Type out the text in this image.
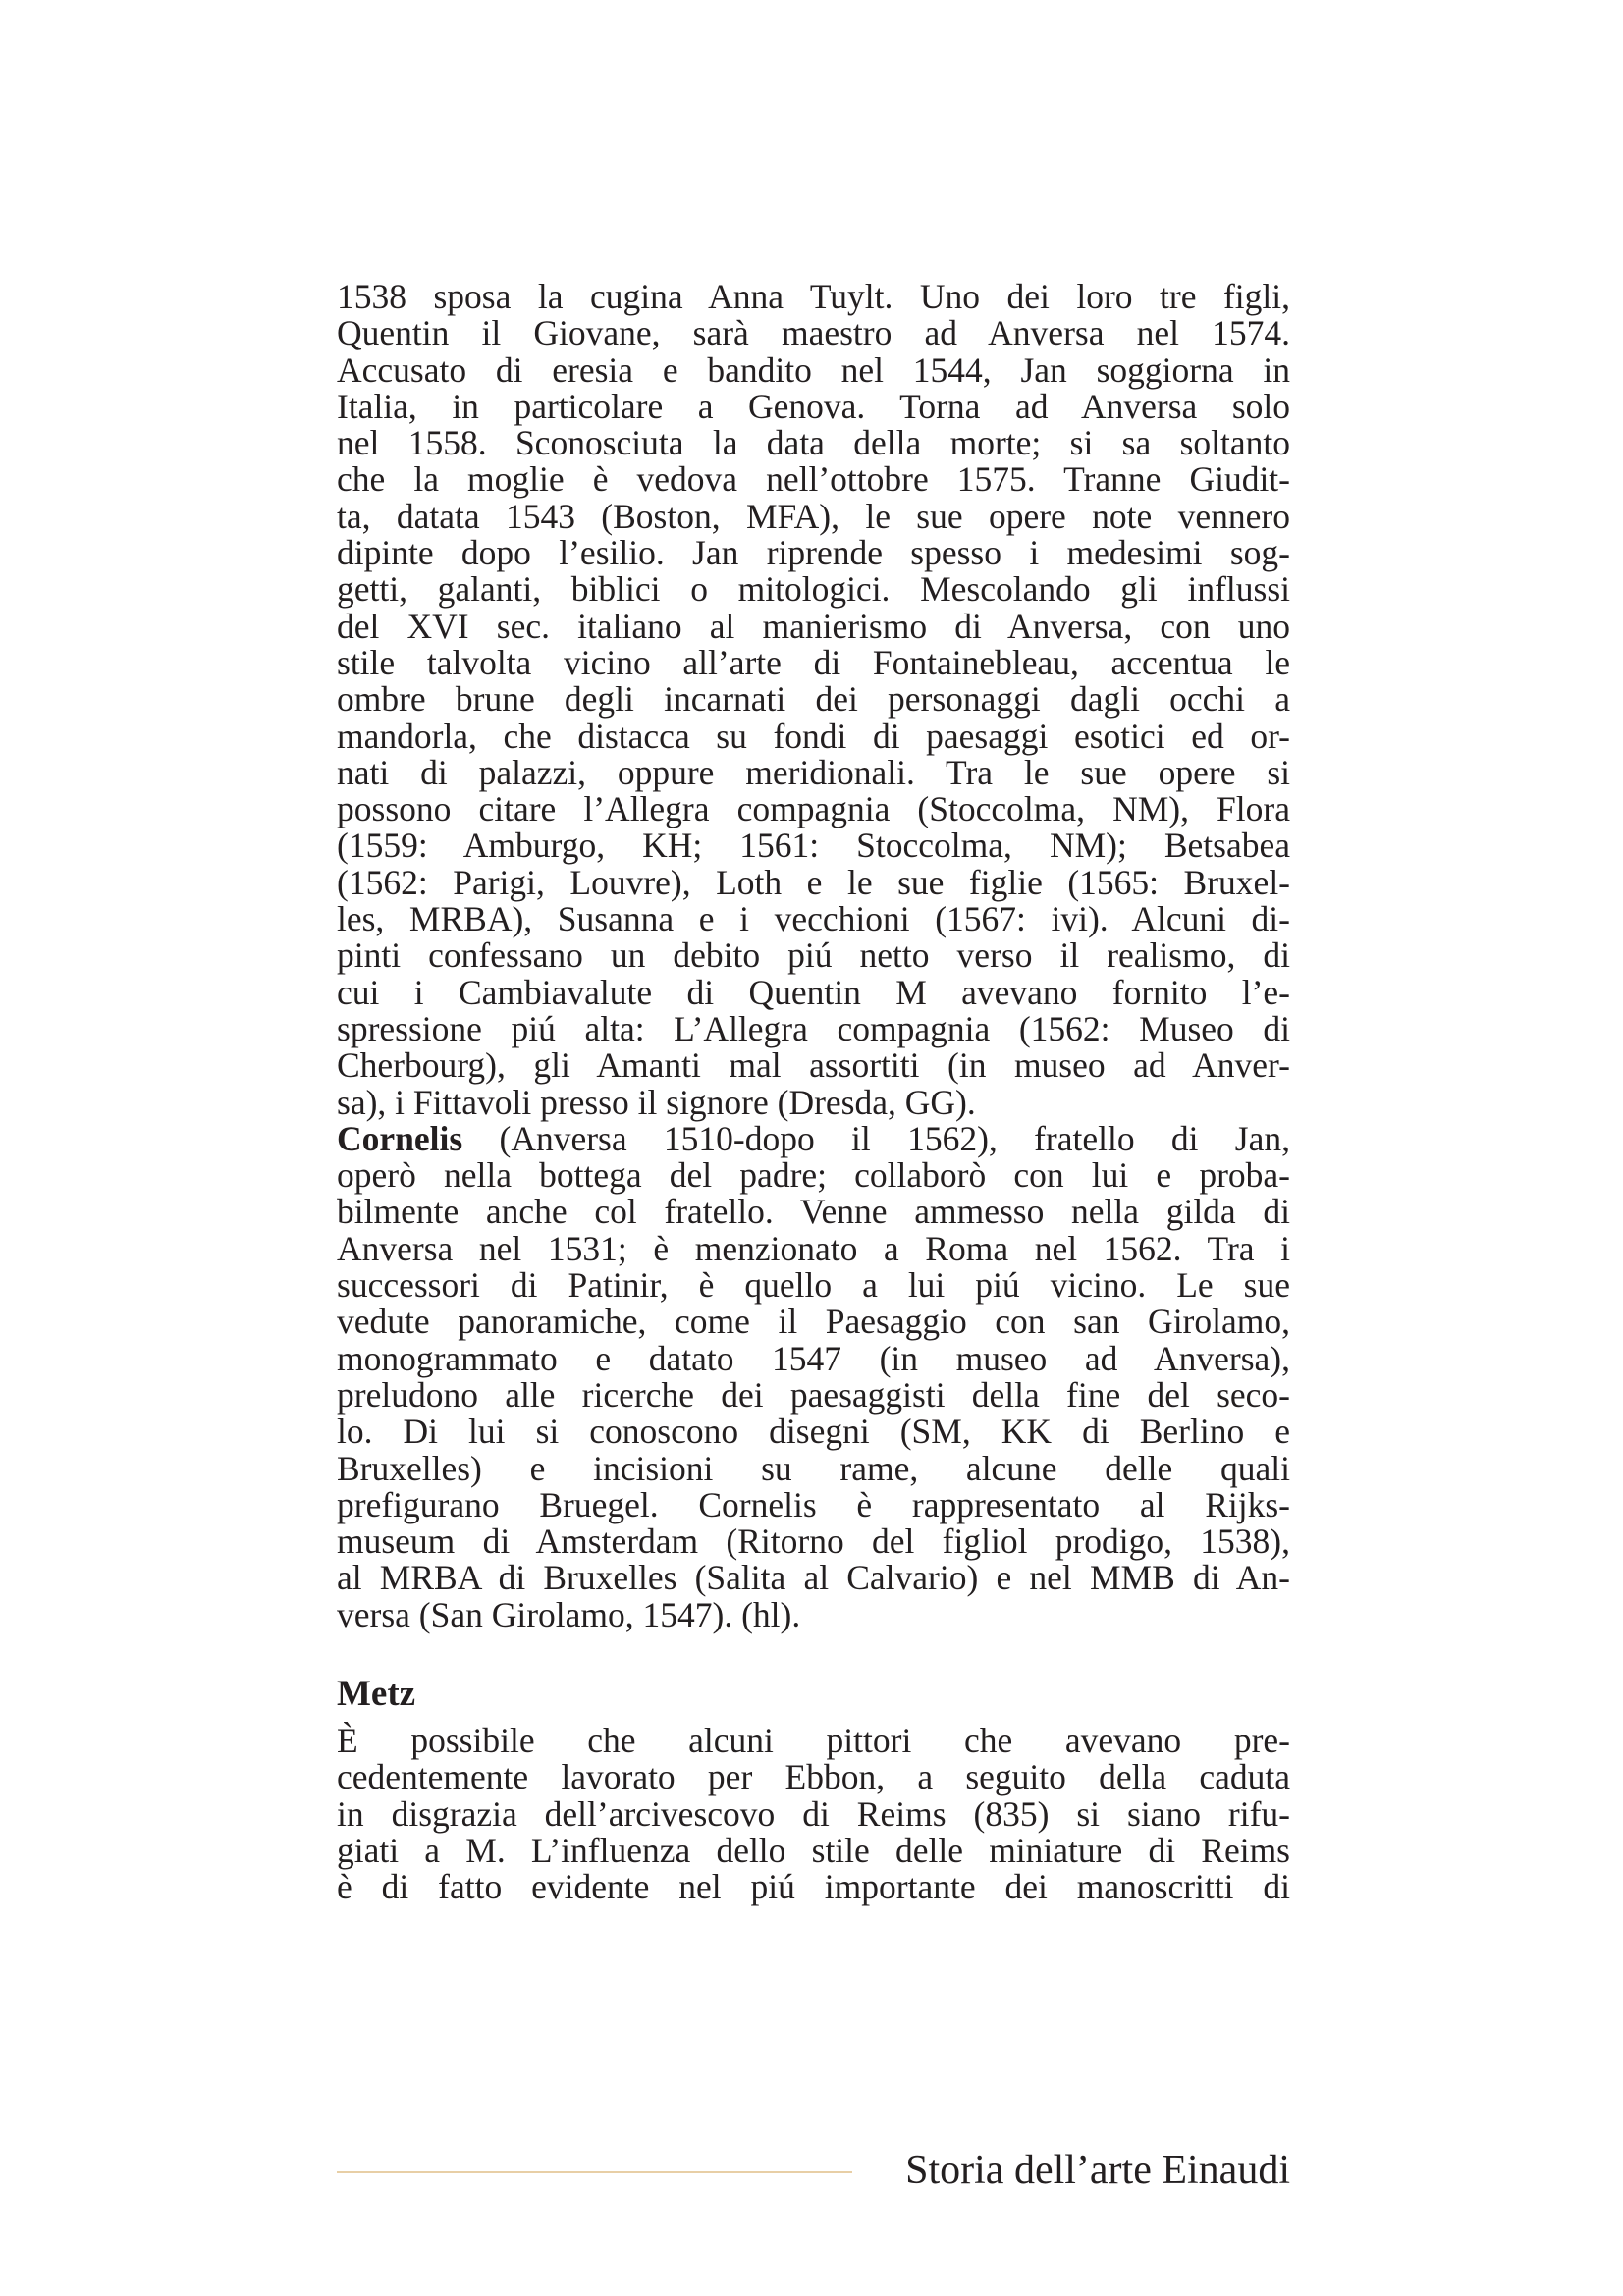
1538 sposa la cugina Anna Tuylt. Uno dei loro tre figli,
Quentin il Giovane, sarà maestro ad Anversa nel 1574.
Accusato di eresia e bandito nel 1544, Jan soggiorna in
Italia, in particolare a Genova. Torna ad Anversa solo
nel 1558. Sconosciuta la data della morte; si sa soltanto
che la moglie è vedova nell’ottobre 1575. Tranne Giudit-
ta, datata 1543 (Boston, MFA), le sue opere note vennero
dipinte dopo l’esilio. Jan riprende spesso i medesimi sog-
getti, galanti, biblici o mitologici. Mescolando gli influssi
del XVI sec. italiano al manierismo di Anversa, con uno
stile talvolta vicino all’arte di Fontainebleau, accentua le
ombre brune degli incarnati dei personaggi dagli occhi a
mandorla, che distacca su fondi di paesaggi esotici ed or-
nati di palazzi, oppure meridionali. Tra le sue opere si
possono citare l’Allegra compagnia (Stoccolma, NM), Flora
(1559: Amburgo, KH; 1561: Stoccolma, NM); Betsabea
(1562: Parigi, Louvre), Loth e le sue figlie (1565: Bruxel-
les, MRBA), Susanna e i vecchioni (1567: ivi). Alcuni di-
pinti confessano un debito piú netto verso il realismo, di
cui i Cambiavalute di Quentin M avevano fornito l’e-
spressione piú alta: L’Allegra compagnia (1562: Museo di
Cherbourg), gli Amanti mal assortiti (in museo ad Anver-
sa), i Fittavoli presso il signore (Dresda, GG).
Cornelis (Anversa 1510-dopo il 1562), fratello di Jan,
operò nella bottega del padre; collaborò con lui e proba-
bilmente anche col fratello. Venne ammesso nella gilda di
Anversa nel 1531; è menzionato a Roma nel 1562. Tra i
successori di Patinir, è quello a lui piú vicino. Le sue
vedute panoramiche, come il Paesaggio con san Girolamo,
monogrammato e datato 1547 (in museo ad Anversa),
preludono alle ricerche dei paesaggisti della fine del seco-
lo. Di lui si conoscono disegni (SM, KK di Berlino e
Bruxelles) e incisioni su rame, alcune delle quali
prefigurano Bruegel. Cornelis è rappresentato al Rijks-
museum di Amsterdam (Ritorno del figliol prodigo, 1538),
al MRBA di Bruxelles (Salita al Calvario) e nel MMB di An-
versa (San Girolamo, 1547). (hl).
Metz
È possibile che alcuni pittori che avevano pre-
cedentemente lavorato per Ebbon, a seguito della caduta
in disgrazia dell’arcivescovo di Reims (835) si siano rifu-
giati a M. L’influenza dello stile delle miniature di Reims
è di fatto evidente nel piú importante dei manoscritti di
Storia dell’arte Einaudi
